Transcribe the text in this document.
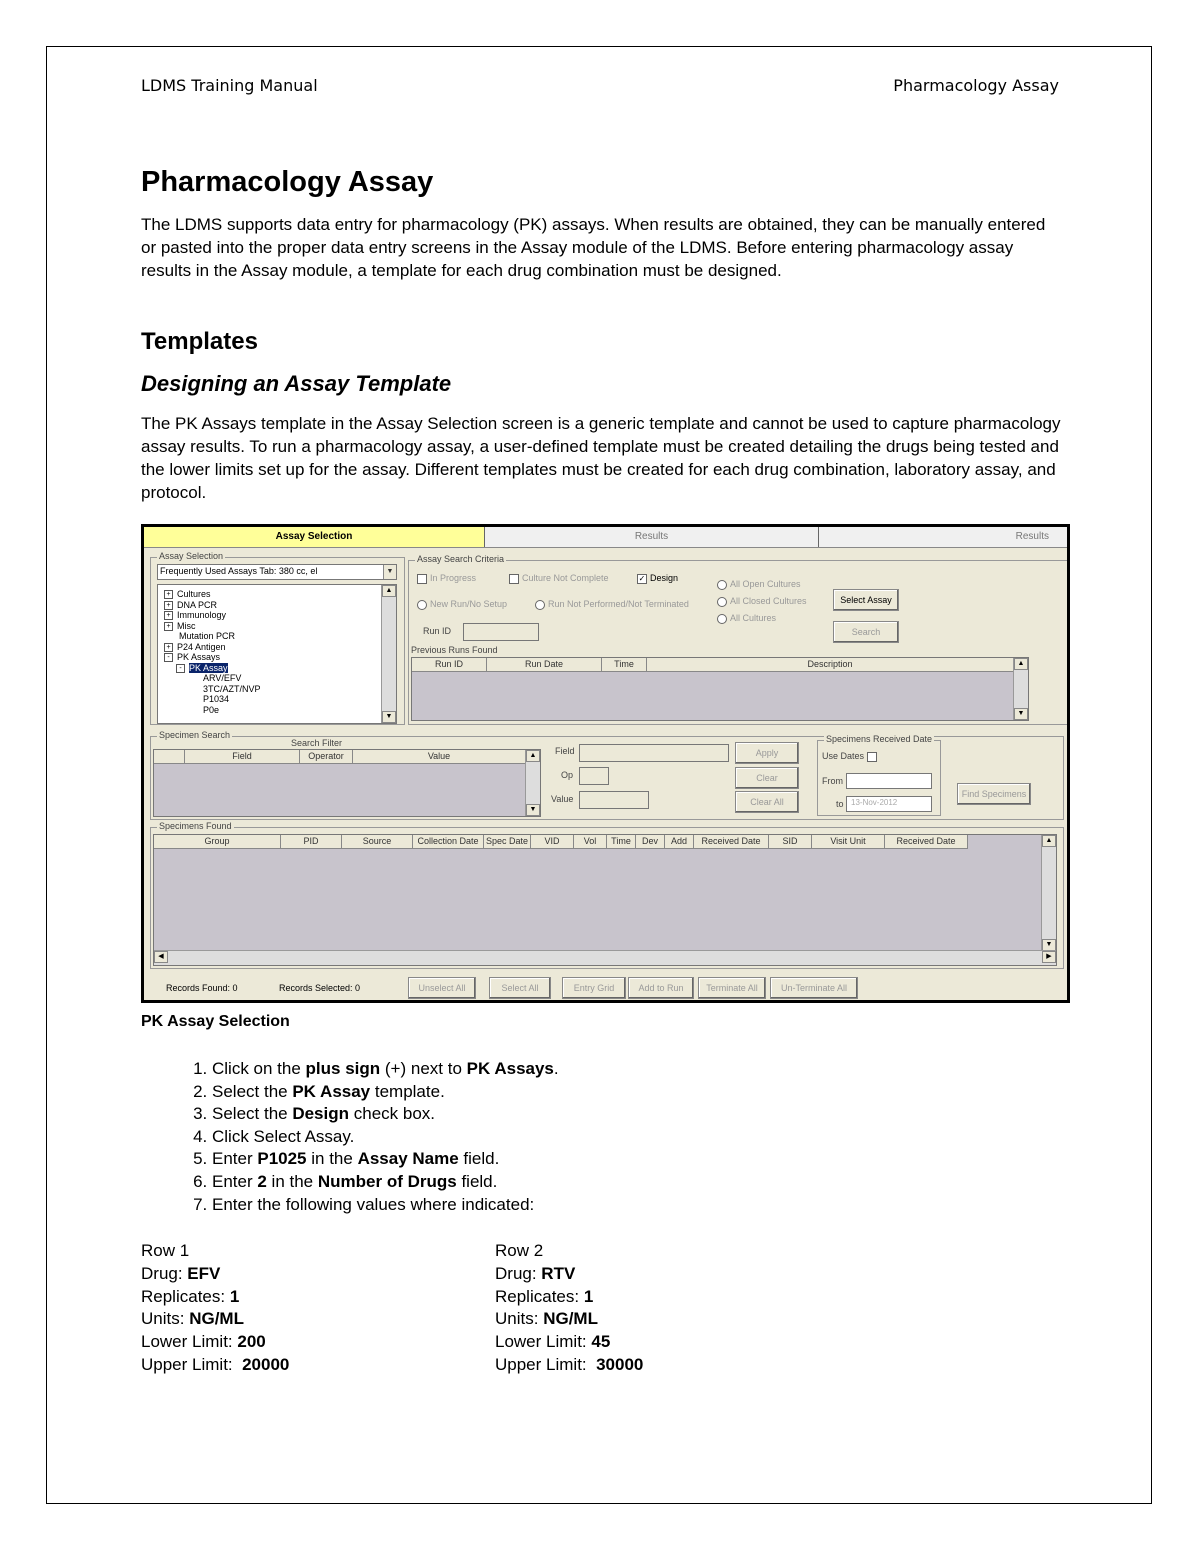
LDMS Training Manual	Pharmacology Assay
Pharmacology Assay

The LDMS supports data entry for pharmacology (PK) assays. When results are obtained, they can be manually entered or pasted into the proper data entry screens in the Assay module of the LDMS. Before entering pharmacology assay results in the Assay module, a template for each drug combination must be designed.

Templates
Designing an Assay Template

The PK Assays template in the Assay Selection screen is a generic template and cannot be used to capture pharmacology assay results. To run a pharmacology assay, a user-defined template must be created detailing the drugs being tested and the lower limits set up for the assay. Different templates must be created for each drug combination, laboratory assay, and protocol.

Assay Selection	Results	Results
Assay Selection
Frequently Used Assays Tab: 380 cc, el	▼
+ Cultures
+ DNA PCR
+ Immunology
+ Misc
Mutation PCR
+ P24 Antigen
- PK Assays
- PK Assay
ARV/EFV
3TC/AZT/NVP
P1034
P0e
▲
▼
Assay Search Criteria
In Progress	Culture Not Complete	✓ Design
New Run/No Setup	Run Not Performed/Not Terminated
All Open Cultures
All Closed Cultures
All Cultures
Select Assay
Search
Run ID
Previous Runs Found
Run ID	Run Date	Time	Description	▲
▼
Specimen Search
Search Filter
Field	Operator	Value	▲
▼
Field
Op
Value
Apply
Clear
Clear All
Specimens Received Date
Use Dates
From
to 13-Nov-2012
Find Specimens
Specimens Found
Group	PID	Source	Collection Date Spec Date	VID	Vol	Time	Dev	Add	Received Date	SID	Visit Unit	Received Date	▲
▼
◀	▶
Records Found: 0	Records Selected: 0	Unselect All	Select All	Entry Grid	Add to Run	Terminate All	Un-Terminate All
PK Assay Selection
1. Click on the plus sign (+) next to PK Assays.
2. Select the PK Assay template.
3. Select the Design check box.
4. Click Select Assay.
5. Enter P1025 in the Assay Name field.
6. Enter 2 in the Number of Drugs field.
7. Enter the following values where indicated:
Row 1
Drug: EFV
Replicates: 1
Units: NG/ML
Lower Limit: 200
Upper Limit:  20000
Row 2
Drug: RTV
Replicates: 1
Units: NG/ML
Lower Limit: 45
Upper Limit:  30000
